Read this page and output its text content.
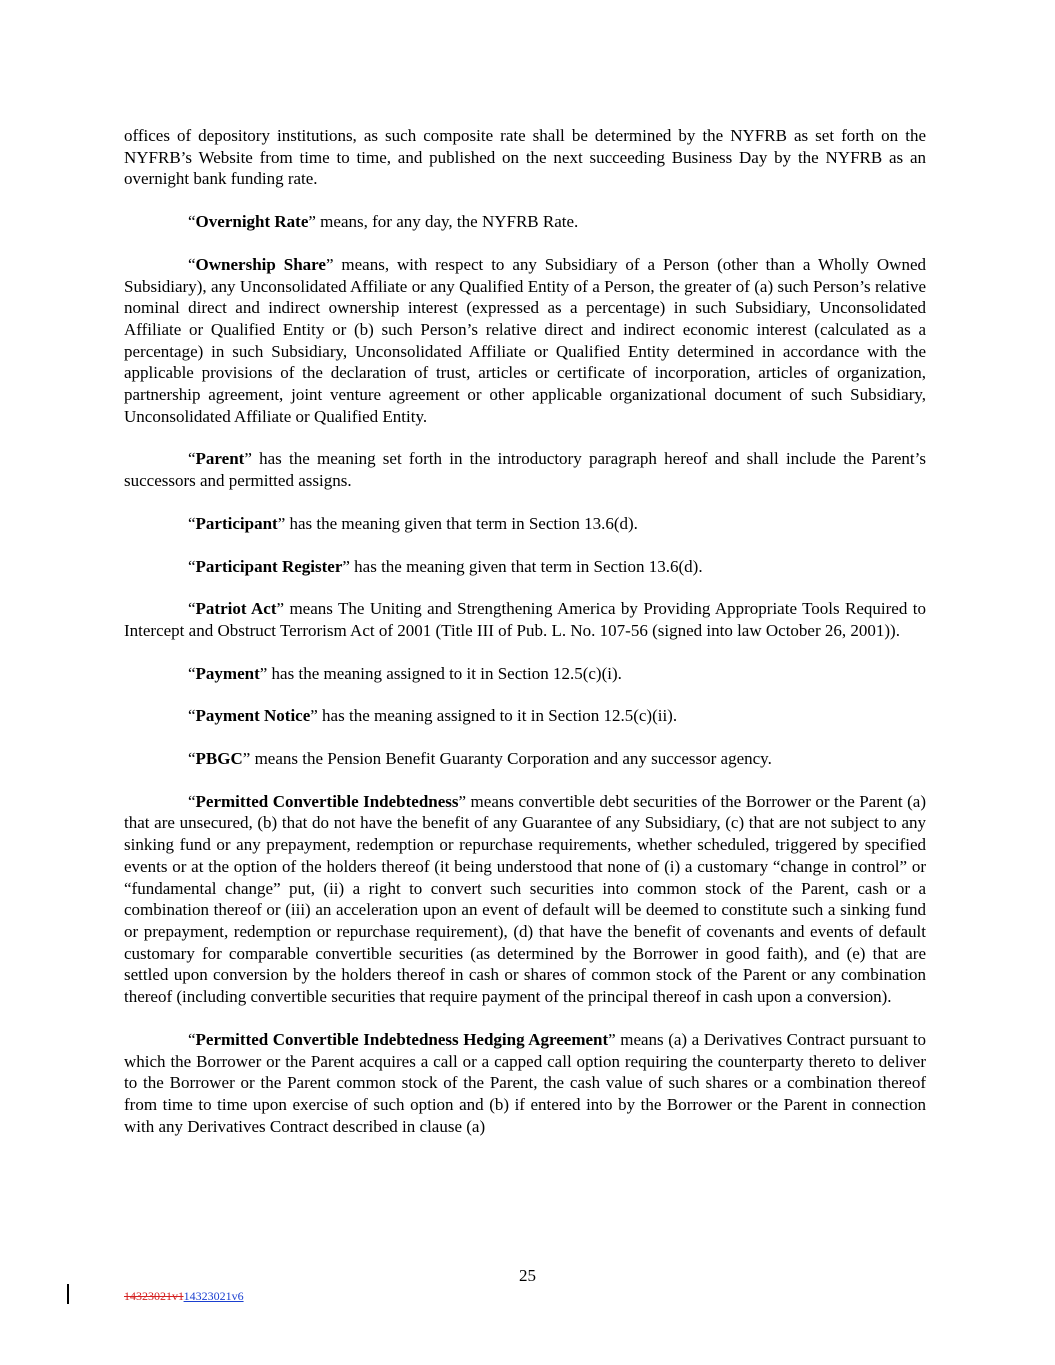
offices of depository institutions, as such composite rate shall be determined by the NYFRB as set forth on the NYFRB’s Website from time to time, and published on the next succeeding Business Day by the NYFRB as an overnight bank funding rate.

“Overnight Rate” means, for any day, the NYFRB Rate.

“Ownership Share” means, with respect to any Subsidiary of a Person (other than a Wholly Owned Subsidiary), any Unconsolidated Affiliate or any Qualified Entity of a Person, the greater of (a) such Person’s relative nominal direct and indirect ownership interest (expressed as a percentage) in such Subsidiary, Unconsolidated Affiliate or Qualified Entity or (b) such Person’s relative direct and indirect economic interest (calculated as a percentage) in such Subsidiary, Unconsolidated Affiliate or Qualified Entity determined in accordance with the applicable provisions of the declaration of trust, articles or certificate of incorporation, articles of organization, partnership agreement, joint venture agreement or other applicable organizational document of such Subsidiary, Unconsolidated Affiliate or Qualified Entity.

“Parent” has the meaning set forth in the introductory paragraph hereof and shall include the Parent’s successors and permitted assigns.

“Participant” has the meaning given that term in Section 13.6(d).

“Participant Register” has the meaning given that term in Section 13.6(d).

“Patriot Act” means The Uniting and Strengthening America by Providing Appropriate Tools Required to Intercept and Obstruct Terrorism Act of 2001 (Title III of Pub. L. No. 107-56 (signed into law October 26, 2001)).

“Payment” has the meaning assigned to it in Section 12.5(c)(i).

“Payment Notice” has the meaning assigned to it in Section 12.5(c)(ii).

“PBGC” means the Pension Benefit Guaranty Corporation and any successor agency.

“Permitted Convertible Indebtedness” means convertible debt securities of the Borrower or the Parent (a) that are unsecured, (b) that do not have the benefit of any Guarantee of any Subsidiary, (c) that are not subject to any sinking fund or any prepayment, redemption or repurchase requirements, whether scheduled, triggered by specified events or at the option of the holders thereof (it being understood that none of (i) a customary “change in control” or “fundamental change” put, (ii) a right to convert such securities into common stock of the Parent, cash or a combination thereof or (iii) an acceleration upon an event of default will be deemed to constitute such a sinking fund or prepayment, redemption or repurchase requirement), (d) that have the benefit of covenants and events of default customary for comparable convertible securities (as determined by the Borrower in good faith), and (e) that are settled upon conversion by the holders thereof in cash or shares of common stock of the Parent or any combination thereof (including convertible securities that require payment of the principal thereof in cash upon a conversion).

“Permitted Convertible Indebtedness Hedging Agreement” means (a) a Derivatives Contract pursuant to which the Borrower or the Parent acquires a call or a capped call option requiring the counterparty thereto to deliver to the Borrower or the Parent common stock of the Parent, the cash value of such shares or a combination thereof from time to time upon exercise of such option and (b) if entered into by the Borrower or the Parent in connection with any Derivatives Contract described in clause (a)

25
14323021v114323021v6
